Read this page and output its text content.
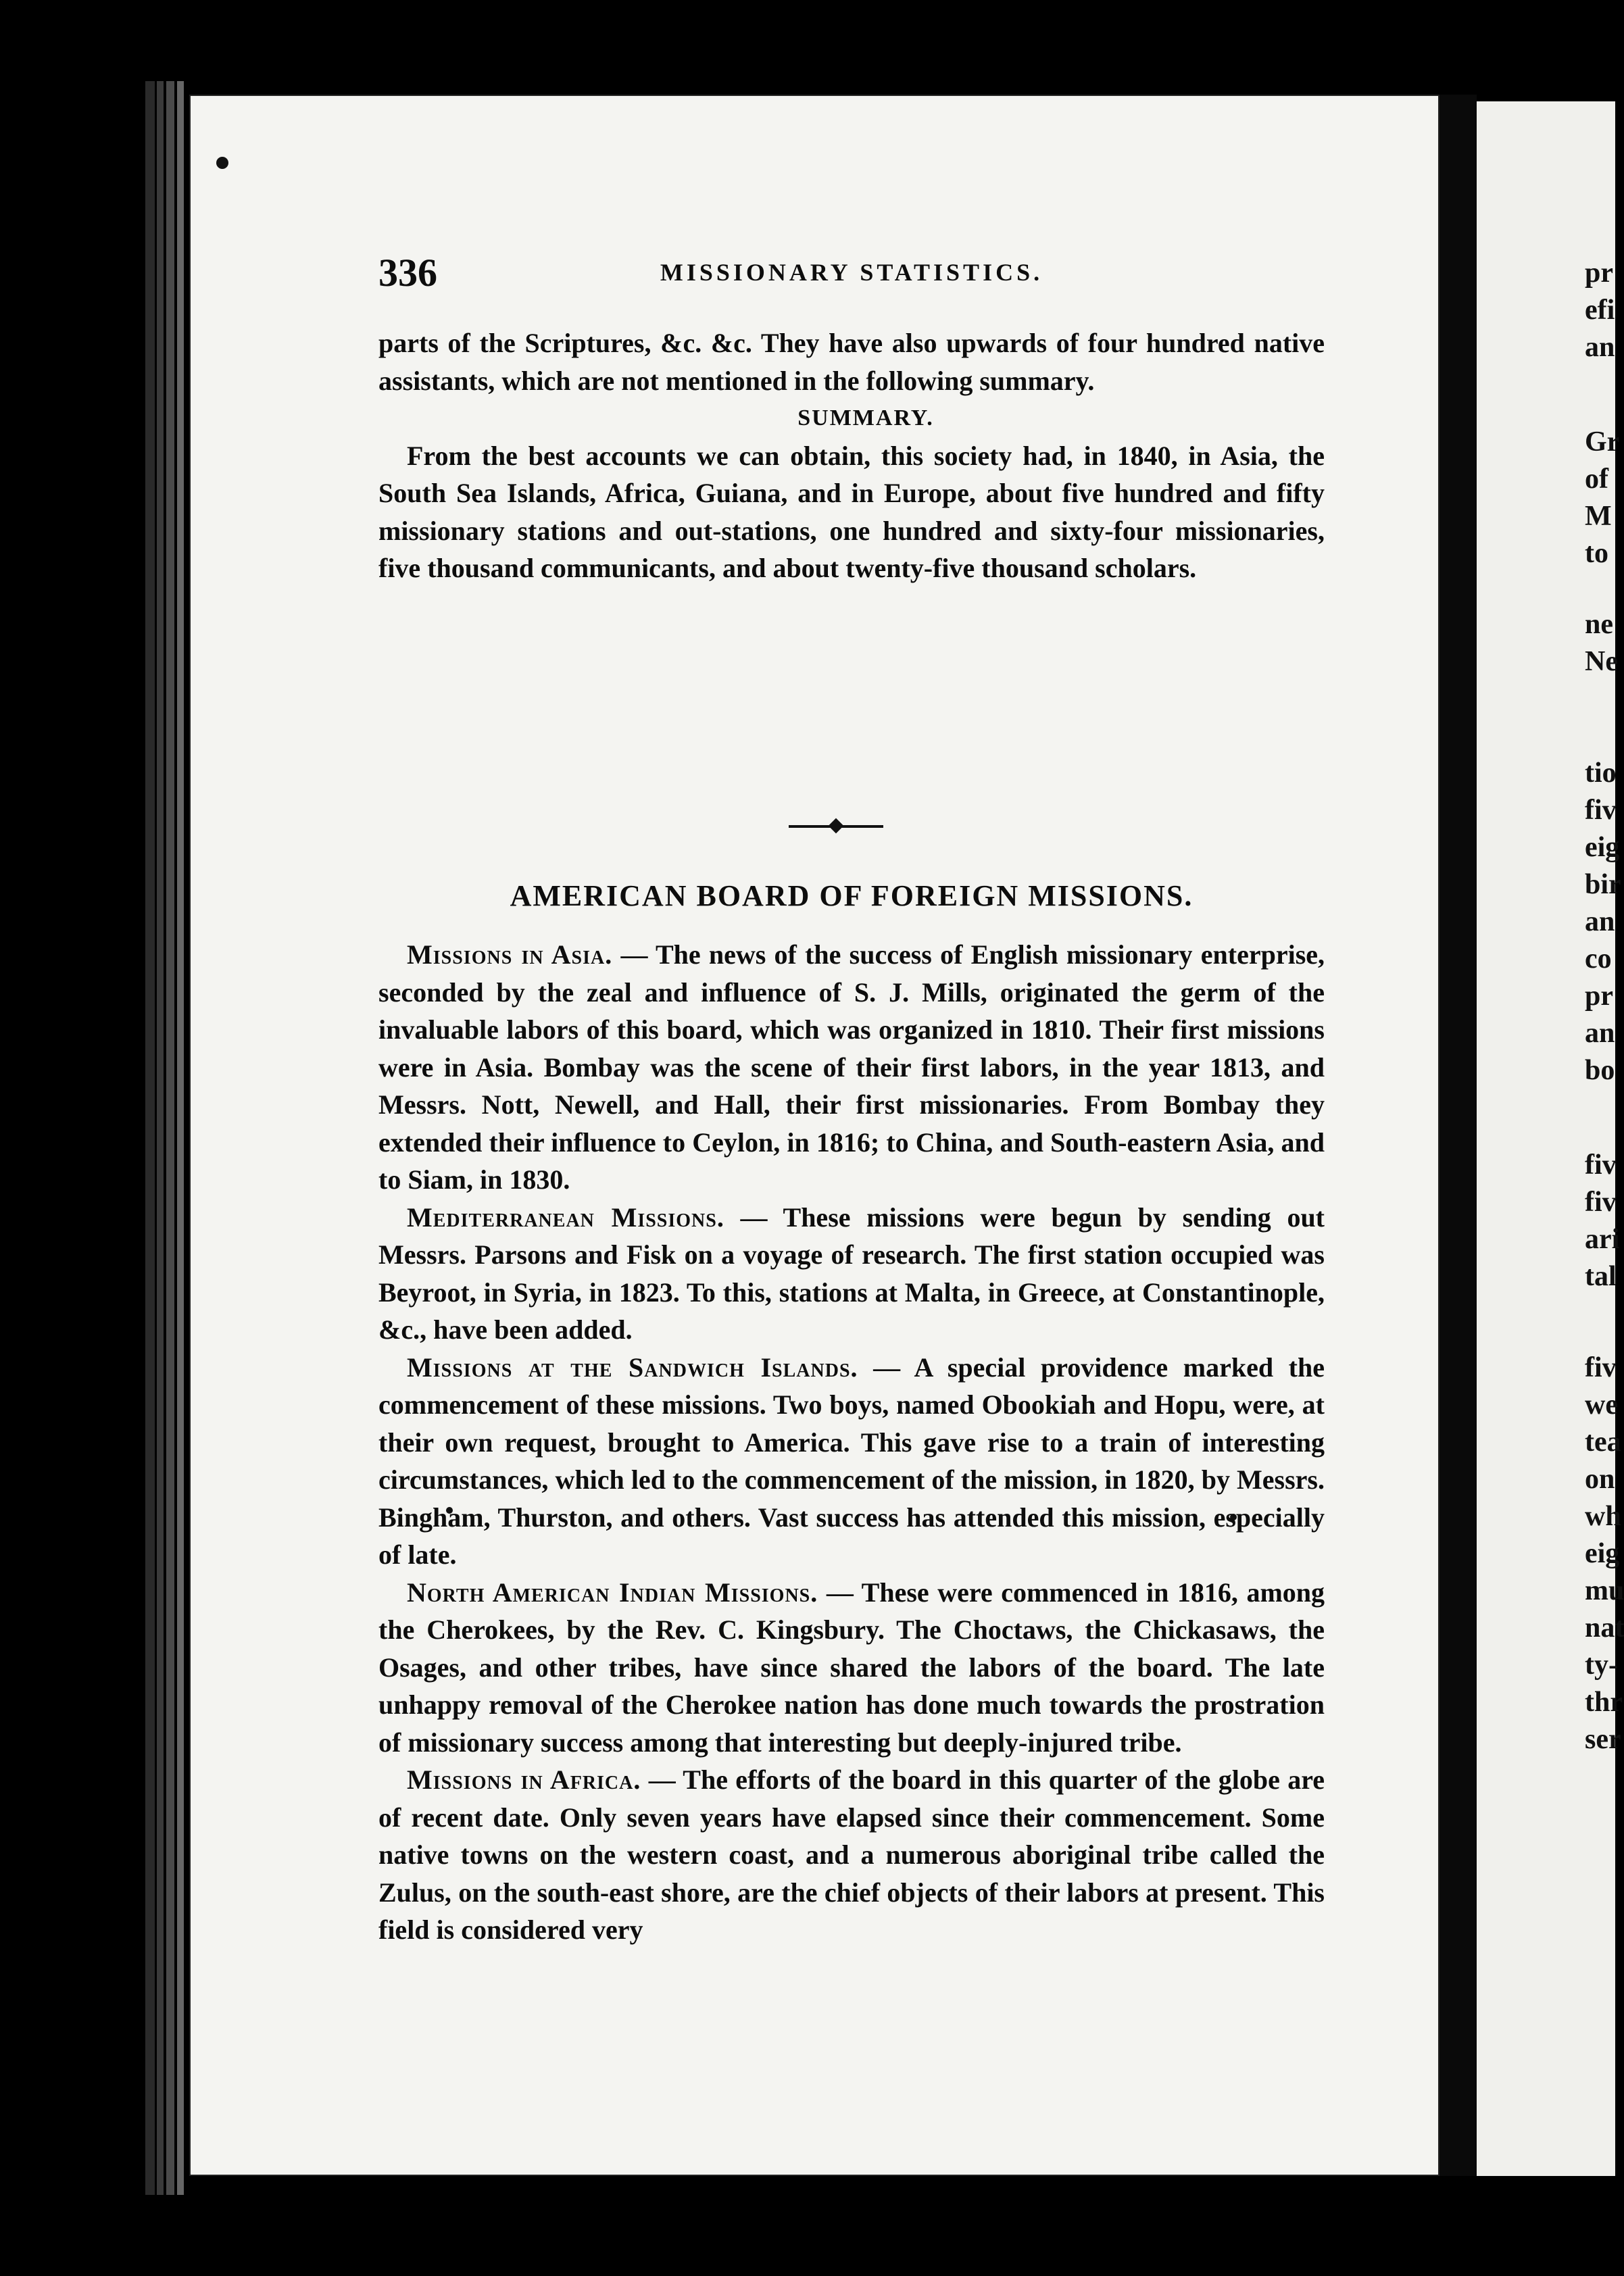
336	MISSIONARY STATISTICS.

parts of the Scriptures, &c. &c. They have also upwards of four hundred native assistants, which are not mentioned in the following summary.

SUMMARY.

From the best accounts we can obtain, this society had, in 1840, in Asia, the South Sea Islands, Africa, Guiana, and in Europe, about five hundred and fifty missionary stations and out-stations, one hundred and sixty-four missionaries, five thousand communicants, and about twenty-five thousand scholars.

AMERICAN BOARD OF FOREIGN MISSIONS.

Missions in Asia. — The news of the success of English missionary enterprise, seconded by the zeal and influence of S. J. Mills, originated the germ of the invaluable labors of this board, which was organized in 1810. Their first missions were in Asia. Bombay was the scene of their first labors, in the year 1813, and Messrs. Nott, Newell, and Hall, their first missionaries. From Bombay they extended their influence to Ceylon, in 1816; to China, and South-eastern Asia, and to Siam, in 1830.

Mediterranean Missions. — These missions were begun by sending out Messrs. Parsons and Fisk on a voyage of research. The first station occupied was Beyroot, in Syria, in 1823. To this, stations at Malta, in Greece, at Constantinople, &c., have been added.

Missions at the Sandwich Islands. — A special providence marked the commencement of these missions. Two boys, named Obookiah and Hopu, were, at their own request, brought to America. This gave rise to a train of interesting circumstances, which led to the commencement of the mission, in 1820, by Messrs. Bingham, Thurston, and others. Vast success has attended this mission, especially of late.

North American Indian Missions. — These were commenced in 1816, among the Cherokees, by the Rev. C. Kingsbury. The Choctaws, the Chickasaws, the Osages, and other tribes, have since shared the labors of the board. The late unhappy removal of the Cherokee nation has done much towards the prostration of missionary success among that interesting but deeply-injured tribe.

Missions in Africa. — The efforts of the board in this quarter of the globe are of recent date. Only seven years have elapsed since their commencement. Some native towns on the western coast, and a numerous aboriginal tribe called the Zulus, on the south-east shore, are the chief objects of their labors at present. This field is considered very

pr
efi
an
Gr
of
M
to
ne
Ne
tio
fiv
eig
bir
an
co
pr
an
bo
fiv
fiv
ari
tal
fiv
we
tea
on
wh
eig
mu
nat
ty-
thr
ser
